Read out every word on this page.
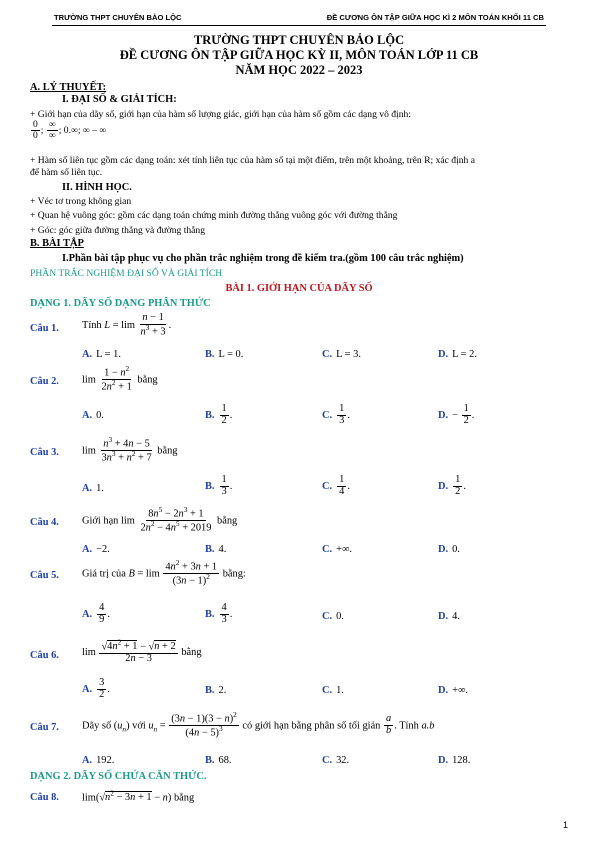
TRƯỜNG THPT CHUYÊN BẢO LỘC	ĐỀ CƯƠNG ÔN TẬP GIỮA HỌC KÌ 2 MÔN TOÁN KHỐI 11 CB
TRƯỜNG THPT CHUYÊN BẢO LỘC
ĐỀ CƯƠNG ÔN TẬP GIỮA HỌC KỲ II, MÔN TOÁN LỚP 11 CB
NĂM HỌC 2022 – 2023
A. LÝ THUYẾT:
I. ĐẠI SỐ & GIẢI TÍCH:
+ Giới hạn của dãy số, giới hạn của hàm số lượng giác, giới hạn của hàm số gồm các dạng vô định:
$\frac{0}{0}$ ; $\frac{\infty}{\infty}$ ; 0.∞; ∞ – ∞
+ Hàm số liên tục gồm các dạng toán: xét tính liên tục của hàm số tại một điểm, trên một khoảng, trên R; xác định a
để hàm số liên tục.
II. HÌNH HỌC.
+ Véc tơ trong không gian
+ Quan hệ vuông góc: gồm các dạng toán chứng minh đường thẳng vuông góc với đường thẳng
+ Góc: góc giữa đường thẳng và đường thẳng
B. BÀI TẬP
I.Phần bài tập phục vụ cho phần trắc nghiệm trong đề kiểm tra.(gồm 100 câu trắc nghiệm)
PHẦN TRẮC NGHIỆM ĐẠI SỐ VÀ GIẢI TÍCH
BÀI 1. GIỚI HẠN CỦA DÃY SỐ
DẠNG 1. DÃY SỐ DẠNG PHÂN THỨC
Câu 1. Tính $L = \lim \frac{n - 1}{n^3 + 3}$ .
A. L = 1.	B. L = 0.	C. L = 3.	D. L = 2.
Câu 2. $\lim \frac{1 - n^2}{2n^2 + 1}$ bằng
A. 0.	B. $\frac{1}{2}$ .	C. $\frac{1}{3}$ .	D. − $\frac{1}{2}$ .
Câu 3. $\lim \frac{n^3 + 4n - 5}{3n^3 + n^2 + 7}$ bằng
A. 1.	B. $\frac{1}{3}$ .	C. $\frac{1}{4}$ .	D. $\frac{1}{2}$ .
Câu 4. Giới hạn $\lim \frac{8n^5 - 2n^3 + 1}{2n^2 - 4n^5 + 2019}$ bằng
A. −2.	B. 4.	C. +∞.	D. 0.
Câu 5. Giá trị của $B = \lim \frac{4n^2 + 3n + 1}{(3n - 1)^2}$ bằng:
A. $\frac{4}{9}$ .	B. $\frac{4}{3}$ .	C. 0.	D. 4.
Câu 6. $\lim \frac{√4n^2 + 1 - √n + 2}{2n - 3}$ bằng
A. $\frac{3}{2}$ .	B. 2.	C. 1.	D. +∞.
Câu 7. Dãy số $(u_n)$ với $u_n = \frac{(3n - 1)(3 - n)^2}{(4n - 5)^3}$ có giới hạn bằng phân số tối giản $\frac{a}{b}$ . Tính a.b
A. 192.	B. 68.	C. 32.	D. 128.
DẠNG 2. DÃY SỐ CHỨA CĂN THỨC.
Câu 8. $\lim(√n^2 - 3n + 1 - n)$ bằng
1
